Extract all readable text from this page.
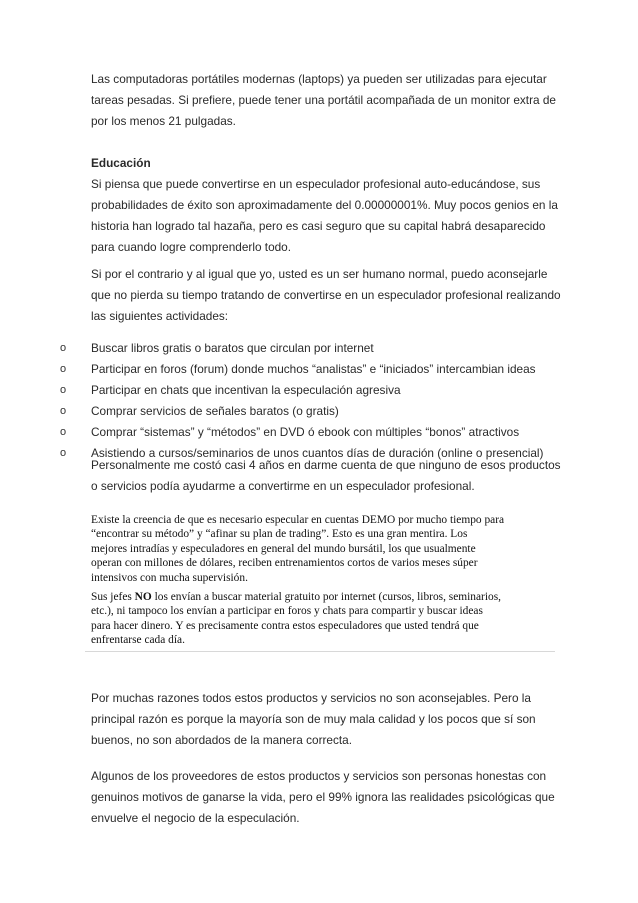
Las computadoras portátiles modernas (laptops) ya pueden ser utilizadas para ejecutar
tareas pesadas. Si prefiere, puede tener una portátil acompañada de un monitor extra de
por los menos 21 pulgadas.

Educación
Si piensa que puede convertirse en un especulador profesional auto-educándose, sus
probabilidades de éxito son aproximadamente del 0.00000001%. Muy pocos genios en la
historia han logrado tal hazaña, pero es casi seguro que su capital habrá desaparecido
para cuando logre comprenderlo todo.

Si por el contrario y al igual que yo, usted es un ser humano normal, puedo aconsejarle
que no pierda su tiempo tratando de convertirse en un especulador profesional realizando
las siguientes actividades:

o Buscar libros gratis o baratos que circulan por internet
o Participar en foros (forum) donde muchos “analistas” e “iniciados” intercambian ideas
o Participar en chats que incentivan la especulación agresiva
o Comprar servicios de señales baratos (o gratis)
o Comprar “sistemas” y “métodos” en DVD ó ebook con múltiples “bonos” atractivos
o Asistiendo a cursos/seminarios de unos cuantos días de duración (online o presencial)

Personalmente me costó casi 4 años en darme cuenta de que ninguno de esos productos
o servicios podía ayudarme a convertirme en un especulador profesional.

Existe la creencia de que es necesario especular en cuentas DEMO por mucho tiempo para
“encontrar su método” y “afinar su plan de trading”. Esto es una gran mentira. Los
mejores intradías y especuladores en general del mundo bursátil, los que usualmente
operan con millones de dólares, reciben entrenamientos cortos de varios meses súper
intensivos con mucha supervisión.

Sus jefes NO los envían a buscar material gratuito por internet (cursos, libros, seminarios,
etc.), ni tampoco los envían a participar en foros y chats para compartir y buscar ideas
para hacer dinero. Y es precisamente contra estos especuladores que usted tendrá que
enfrentarse cada día.

Por muchas razones todos estos productos y servicios no son aconsejables. Pero la
principal razón es porque la mayoría son de muy mala calidad y los pocos que sí son
buenos, no son abordados de la manera correcta.

Algunos de los proveedores de estos productos y servicios son personas honestas con
genuinos motivos de ganarse la vida, pero el 99% ignora las realidades psicológicas que
envuelve el negocio de la especulación.
